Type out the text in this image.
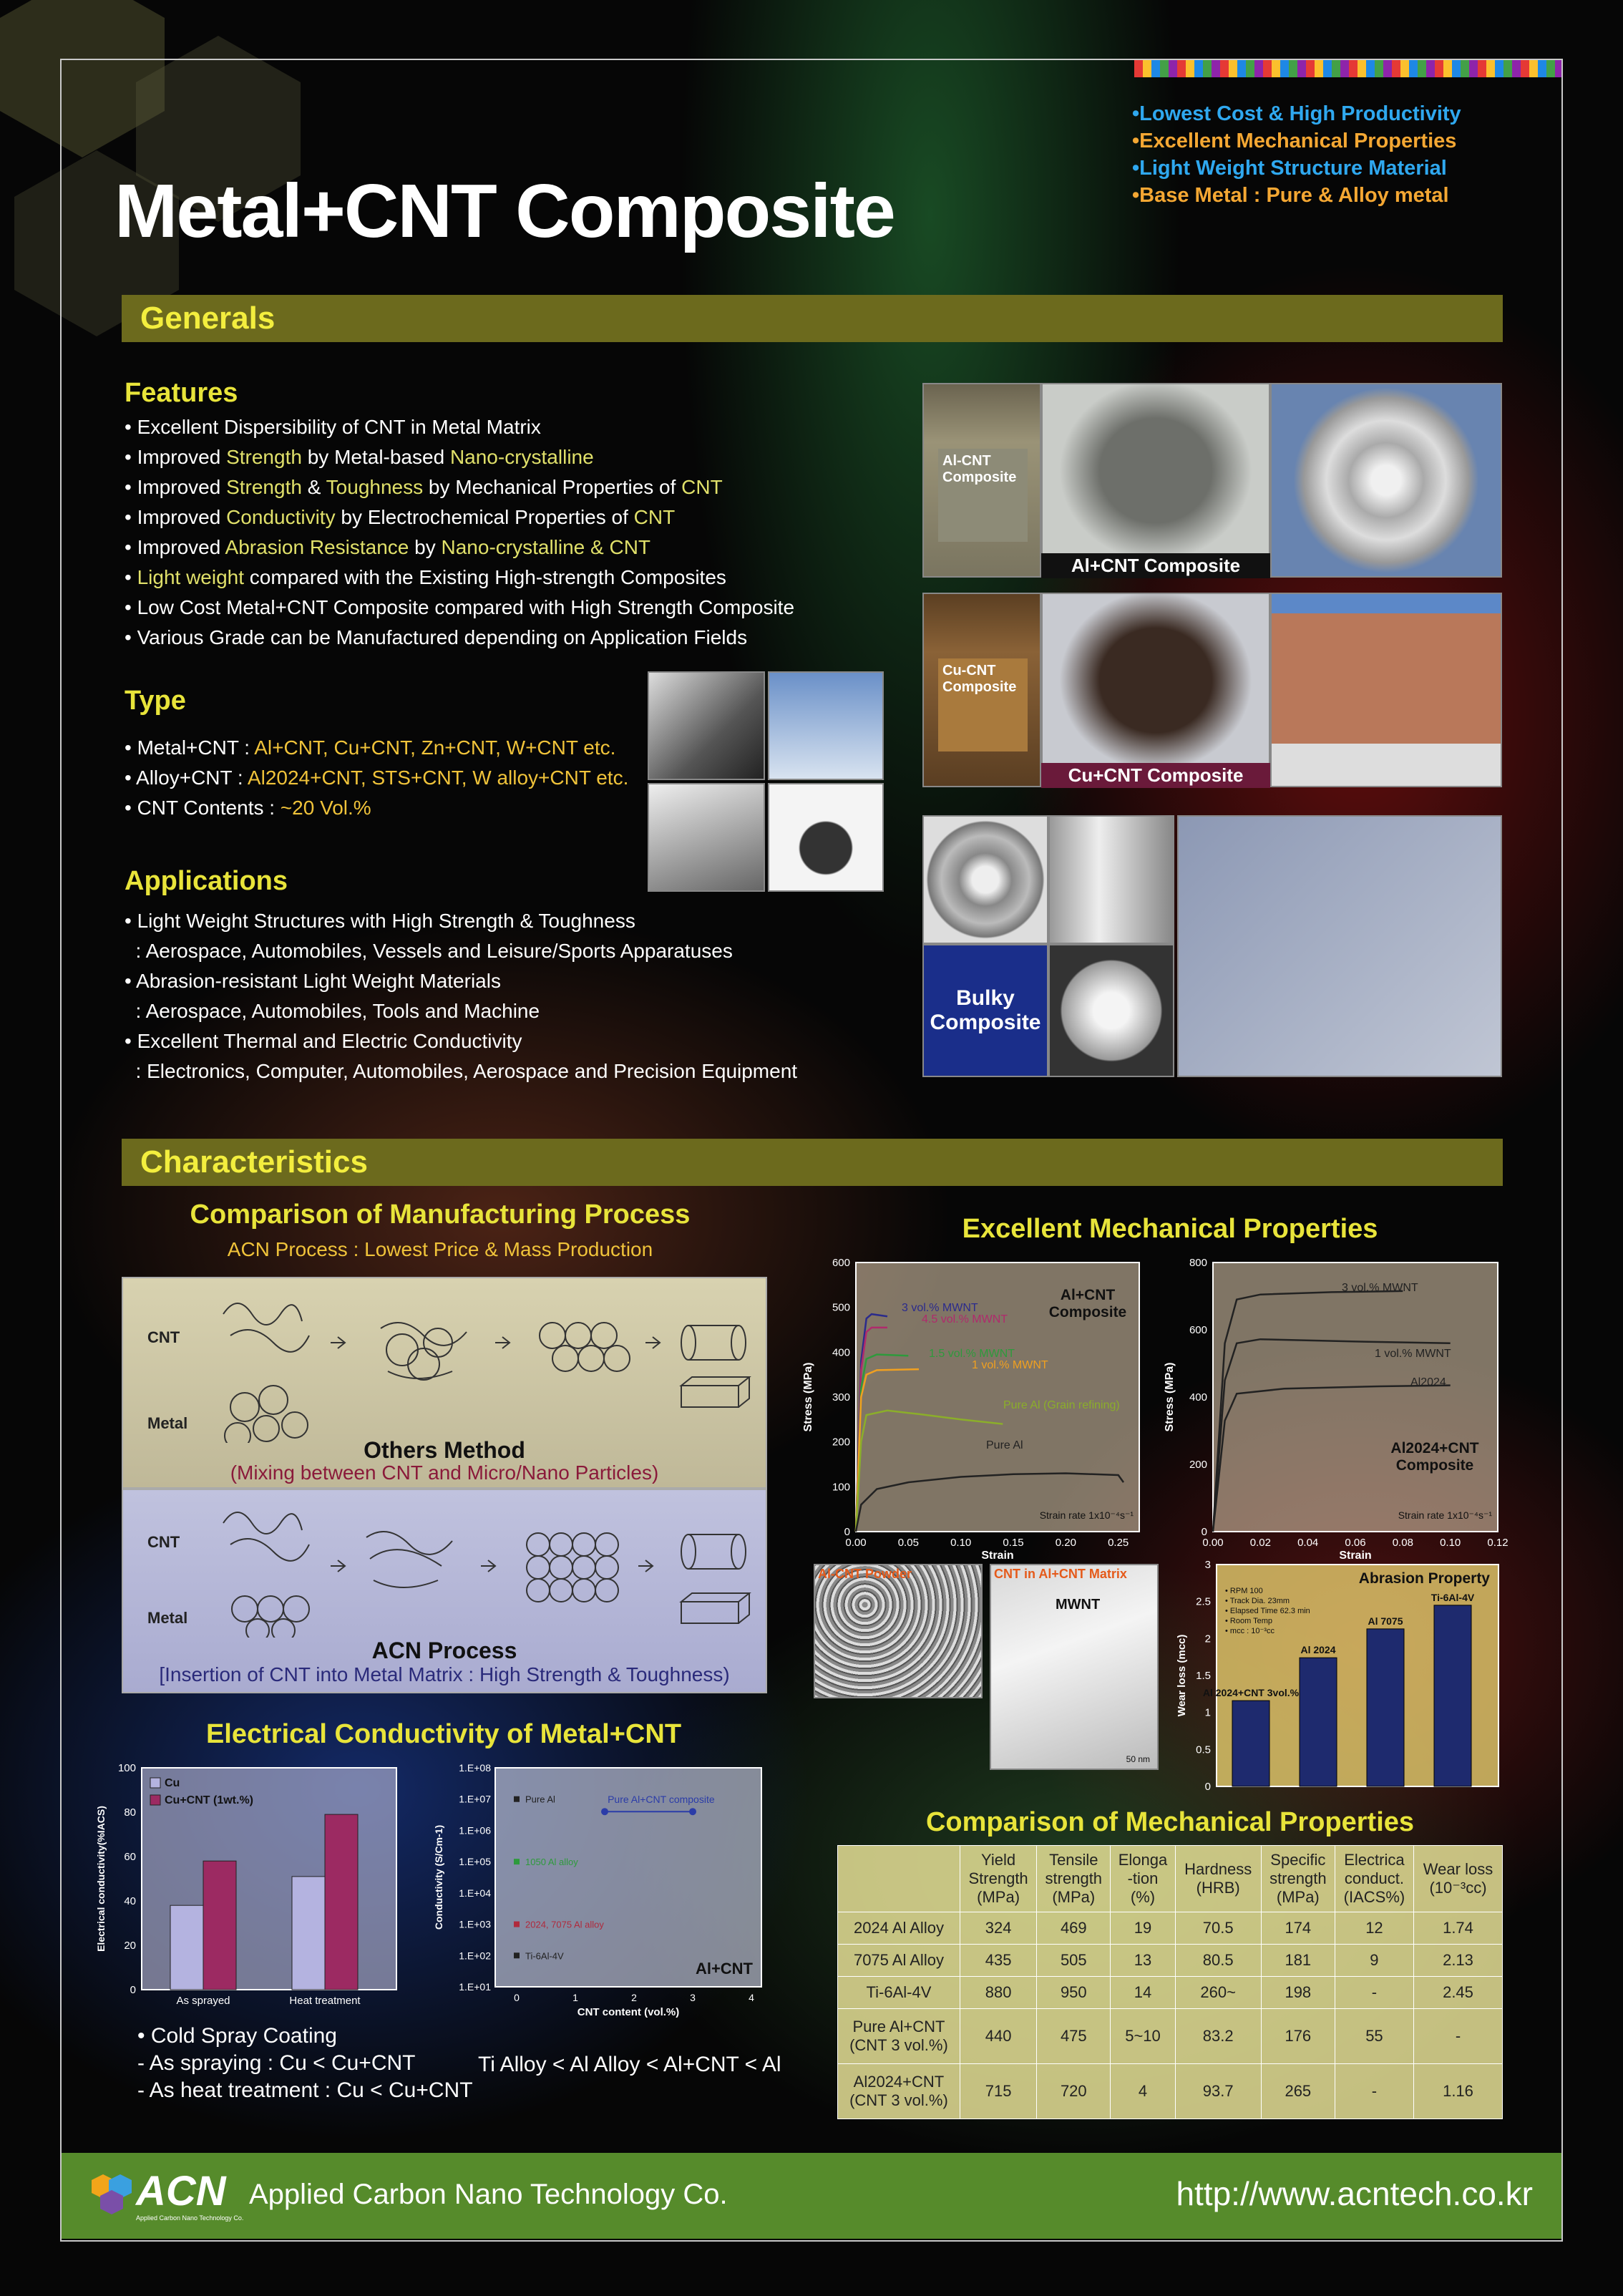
•Lowest Cost & High Productivity
•Excellent Mechanical Properties
•Light Weight Structure Material
•Base Metal : Pure & Alloy metal
Metal+CNT Composite
Generals
Features
• Excellent Dispersibility of CNT in Metal Matrix
• Improved Strength by Metal-based Nano-crystalline
• Improved Strength & Toughness by Mechanical Properties of CNT
• Improved Conductivity by Electrochemical Properties of CNT
• Improved Abrasion Resistance by Nano-crystalline & CNT
• Light weight compared with the Existing High-strength Composites
• Low Cost Metal+CNT Composite compared with High Strength Composite
• Various Grade can be Manufactured depending on Application Fields
Type
• Metal+CNT : Al+CNT, Cu+CNT, Zn+CNT, W+CNT etc.
• Alloy+CNT : Al2024+CNT, STS+CNT, W alloy+CNT etc.
• CNT Contents : ~20 Vol.%
Applications
• Light Weight Structures with High Strength & Toughness
: Aerospace, Automobiles, Vessels and Leisure/Sports Apparatuses
• Abrasion-resistant Light Weight Materials
: Aerospace, Automobiles, Tools and Machine
• Excellent Thermal and Electric Conductivity
: Electronics, Computer, Automobiles, Aerospace and Precision Equipment
Al-CNT
Composite
Al+CNT Composite
Cu-CNT
Composite
Cu+CNT Composite
Bulky
Composite
Characteristics
Comparison of Manufacturing Process
ACN Process : Lowest Price & Mass Production
CNT
Metal
Others Method
(Mixing between CNT and Micro/Nano Particles)
CNT
Metal
ACN Process
[Insertion of CNT into Metal Matrix : High Strength & Toughness)
Electrical Conductivity of Metal+CNT
0
20
40
60
80
100
Electrical conductivity(%IACS)
As sprayed	Heat treatment
Cu
Cu+CNT (1wt.%)
1.E+01
1.E+02
1.E+03
1.E+04
1.E+05
1.E+06
1.E+07
1.E+08
0	1	2	3	4
CNT content (vol.%)
Conductivity (S/Cm-1)
Pure Al
1050 Al alloy
2024, 7075 Al alloy
Ti-6Al-4V
Pure Al+CNT composite
Al+CNT
• Cold Spray Coating
- As spraying : Cu < Cu+CNT
- As heat treatment : Cu < Cu+CNT
Ti Alloy < Al Alloy < Al+CNT < Al
Excellent Mechanical Properties
0
100
200
300
400
500
600
0.00	0.05	0.10	0.15	0.20	0.25
Strain
Stress (MPa)
3 vol.% MWNT
4.5 vol.% MWNT
1.5 vol.% MWNT
1 vol.% MWNT
Pure Al (Grain refining)
Pure Al
Al+CNT
Composite
Strain rate 1x10⁻⁴s⁻¹
0
200
400
600
800
0.00 0.02 0.04 0.06 0.08 0.10 0.12
Strain
Stress (MPa)
3 vol.% MWNT
1 vol.% MWNT
Al2024
Al2024+CNT
Composite
Strain rate 1x10⁻⁴s⁻¹
Al-CNT Powder	CNT in Al+CNT Matrix
MWNT
50 nm
0
0.5
1
1.5
2
2.5
3
Wear loss (mcc)
Abrasion Property
• RPM 100
• Track Dia. 23mm
• Elapsed Time 62.3 min
• Room Temp
• mcc : 10⁻³cc
Al 2024+CNT 3vol.%
Al 2024
Al 7075
Ti-6Al-4V
Comparison of Mechanical Properties
	Yield
Strength
(MPa)	Tensile
strength
(MPa)	Elonga
-tion
(%)	Hardness
(HRB)	Specific
strength
(MPa)	Electrica
conduct.
(IACS%)	Wear loss
(10⁻³cc)
2024 Al Alloy	324	469	19	70.5	174	12	1.74
7075 Al Alloy	435	505	13	80.5	181	9	2.13
Ti-6Al-4V	880	950	14	260~	198	-	2.45
Pure Al+CNT
(CNT 3 vol.%)	440	475	5~10	83.2	176	55	-
Al2024+CNT
(CNT 3 vol.%)	715	720	4	93.7	265	-	1.16
ACN
Applied Carbon Nano Technology Co.
Applied Carbon Nano Technology Co.	http://www.acntech.co.kr
